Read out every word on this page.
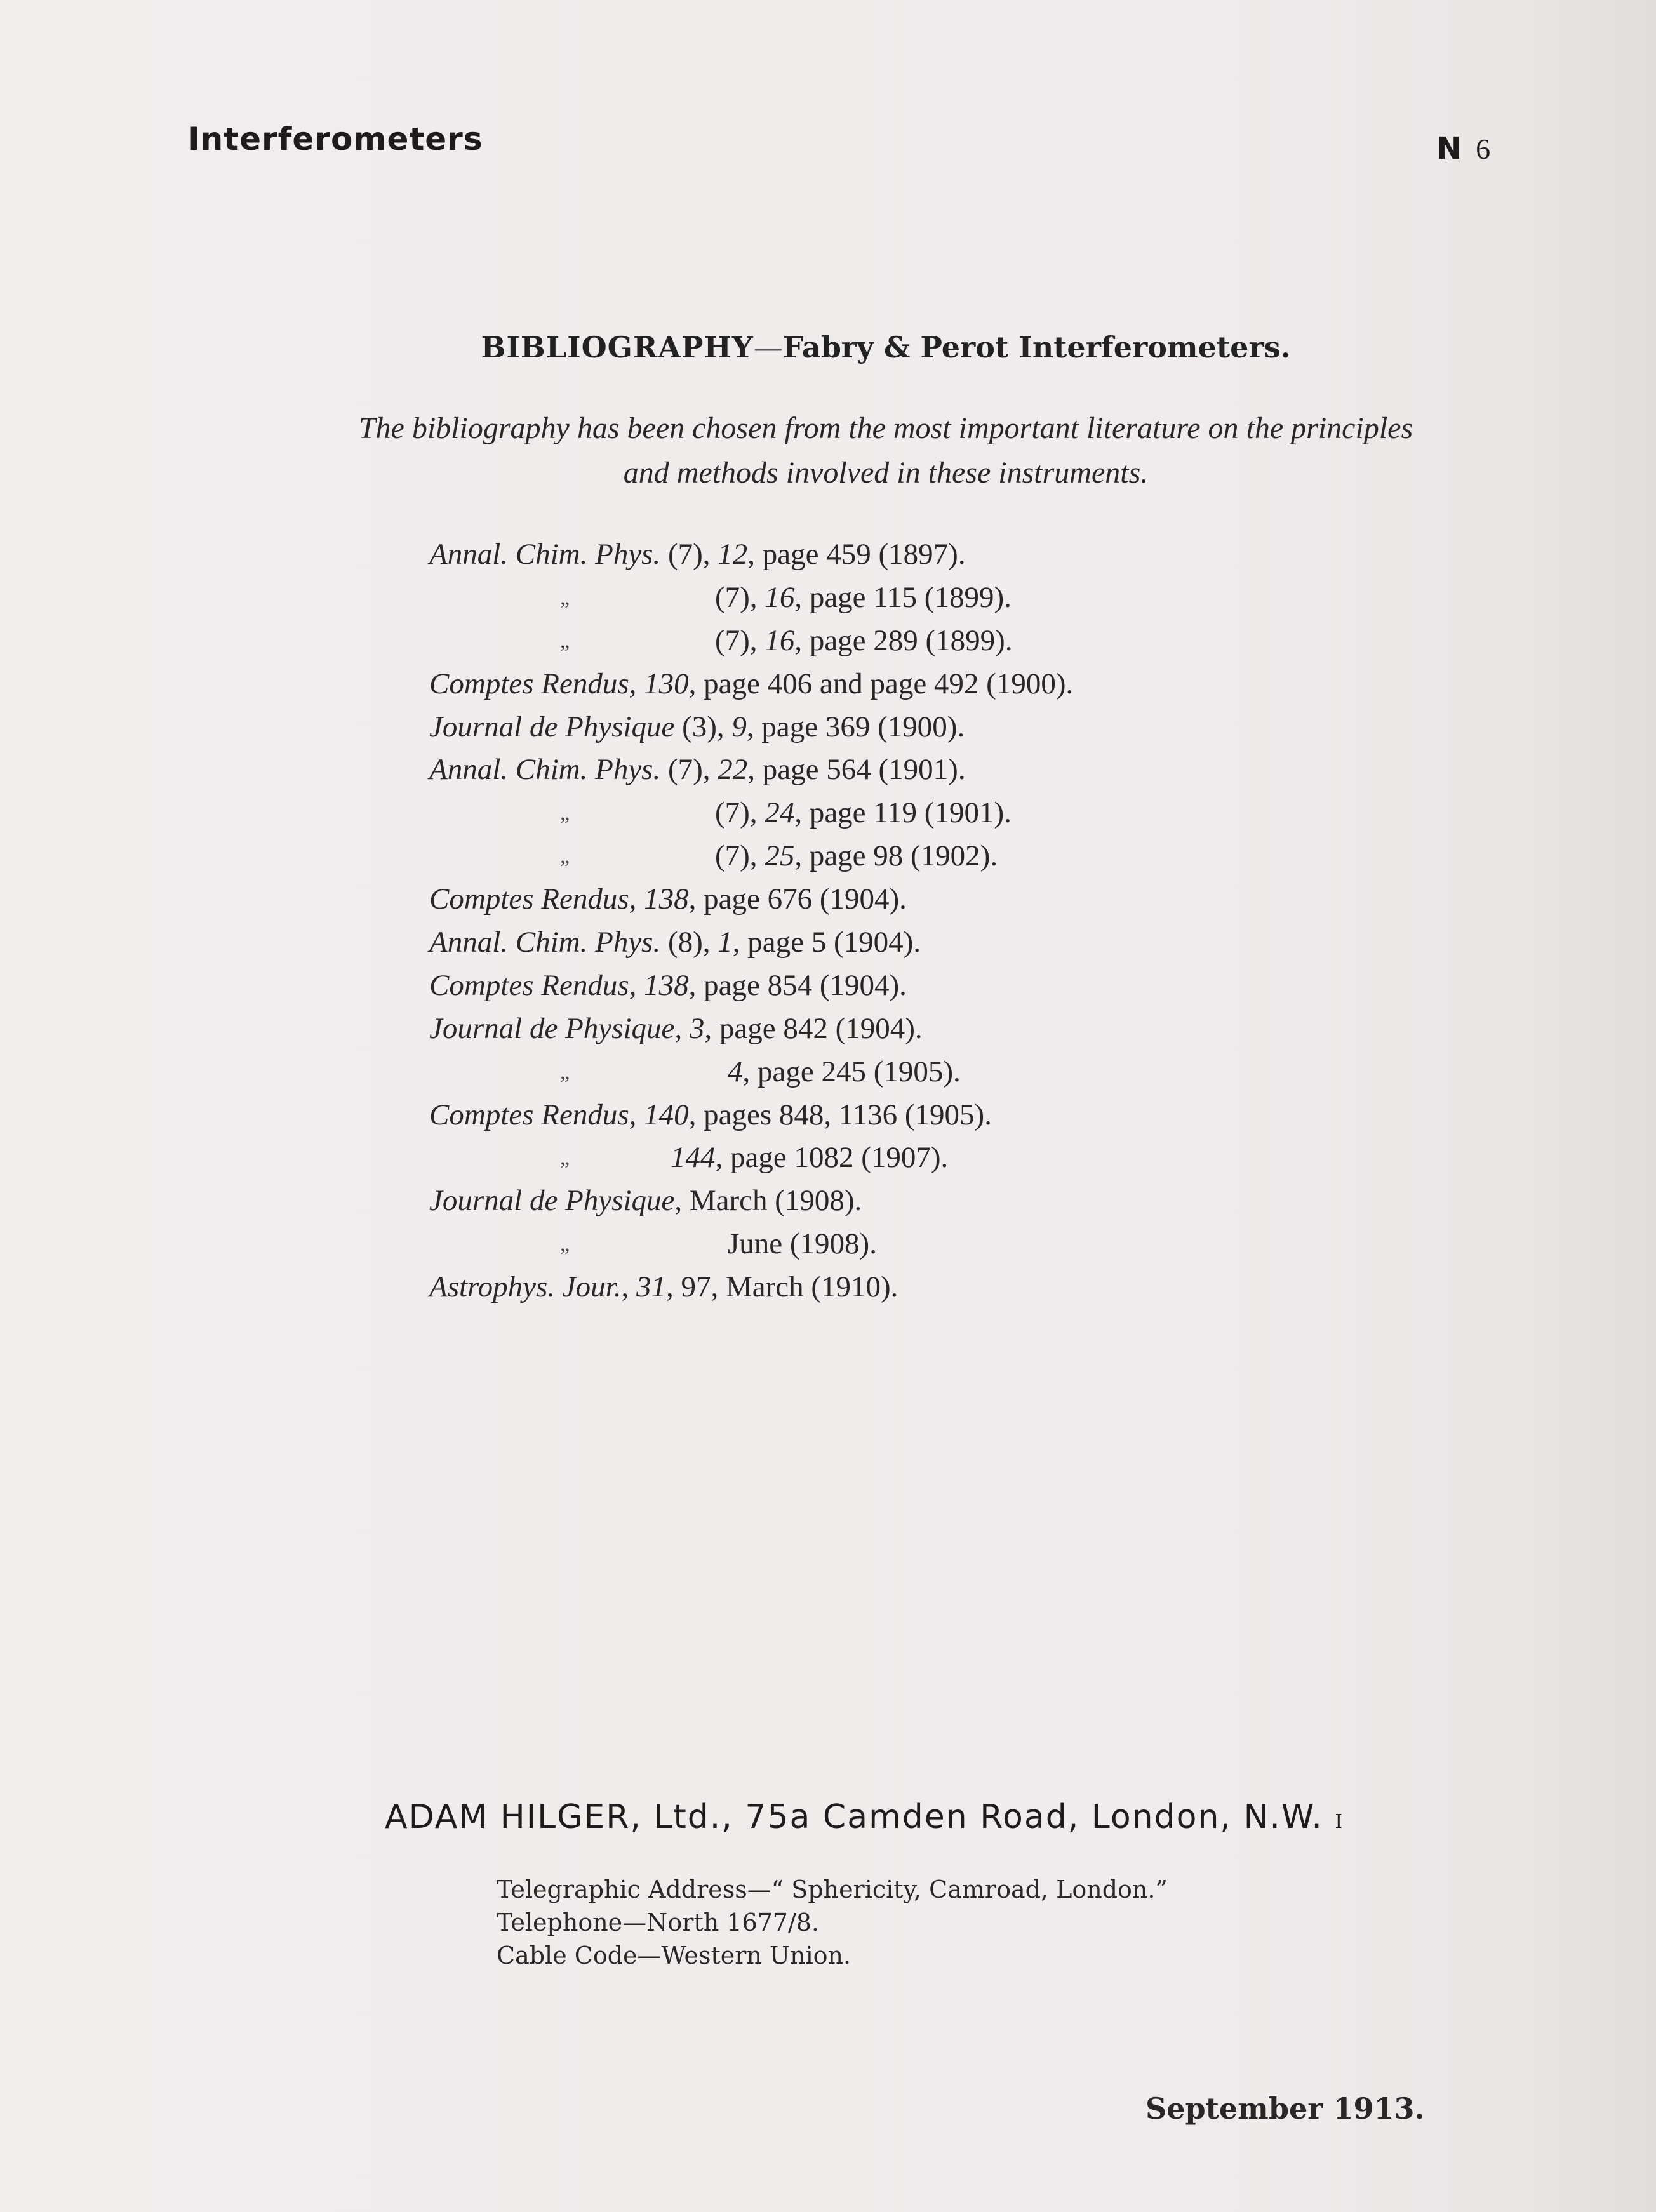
Interferometers	N 6
BIBLIOGRAPHY—Fabry & Perot Interferometers.
The bibliography has been chosen from the most important literature on the principles
and methods involved in these instruments.
Annal. Chim. Phys. (7), 12, page 459 (1897).
„	(7), 16, page 115 (1899).
„	(7), 16, page 289 (1899).
Comptes Rendus, 130, page 406 and page 492 (1900).
Journal de Physique (3), 9, page 369 (1900).
Annal. Chim. Phys. (7), 22, page 564 (1901).
„	(7), 24, page 119 (1901).
„	(7), 25, page 98 (1902).
Comptes Rendus, 138, page 676 (1904).
Annal. Chim. Phys. (8), 1, page 5 (1904).
Comptes Rendus, 138, page 854 (1904).
Journal de Physique, 3, page 842 (1904).
„	4, page 245 (1905).
Comptes Rendus, 140, pages 848, 1136 (1905).
„	144, page 1082 (1907).
Journal de Physique, March (1908).
„	June (1908).
Astrophys. Jour., 31, 97, March (1910).
ADAM HILGER, Ltd., 75a Camden Road, London, N.W. I
Telegraphic Address—“ Sphericity, Camroad, London.”
Telephone—North 1677/8.
Cable Code—Western Union.
September 1913.
